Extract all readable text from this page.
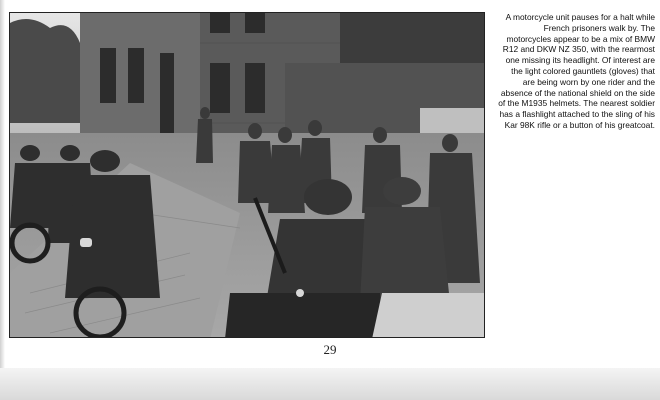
A motorcycle unit pauses for a halt while French prisoners walk by. The motorcycles appear to be a mix of BMW R12 and DKW NZ 350, with the rearmost one missing its headlight. Of interest are the light colored gauntlets (gloves) that are being worn by one rider and the absence of the national shield on the side of the M1935 helmets. The nearest soldier has a flashlight attached to the sling of his Kar 98K rifle or a button of his greatcoat.

29
